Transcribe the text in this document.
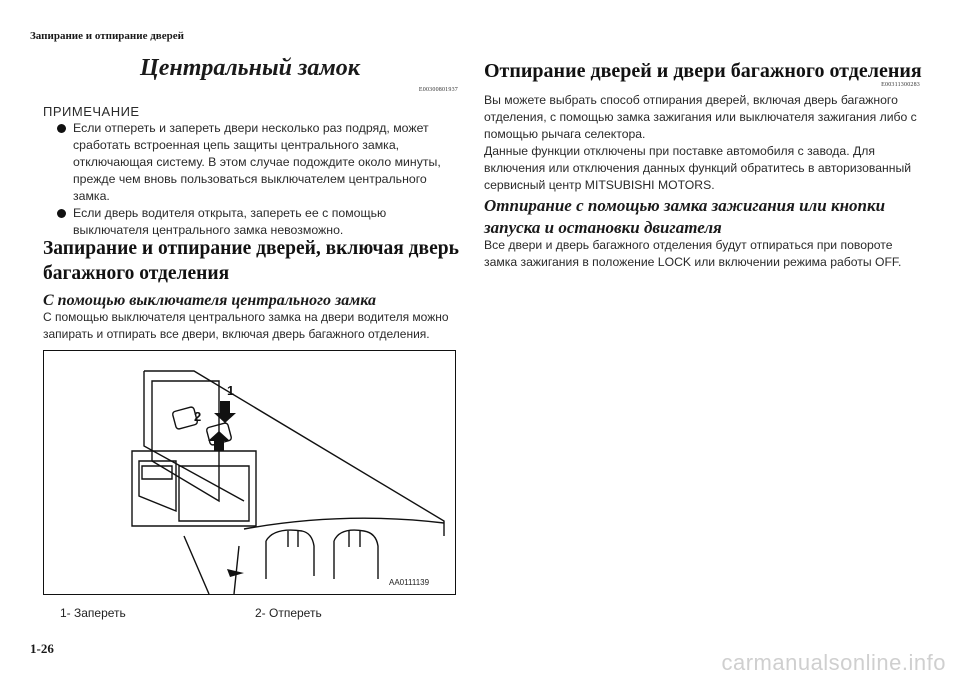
Запирание и отпирание дверей
Центральный замок
E00300801937
ПРИМЕЧАНИЕ
Если отпереть и запереть двери несколько раз подряд, может сработать встроенная цепь защиты центрального замка, отключающая систему. В этом случае подождите около минуты, прежде чем вновь пользоваться выключателем центрального замка.
Если дверь водителя открыта, запереть ее с помощью выключателя центрального замка невозможно.
Запирание и отпирание дверей, включая дверь багажного отделения
С помощью выключателя центрального замка
С помощью выключателя центрального замка на двери водителя можно запирать и отпирать все двери, включая дверь багажного отделения.
1
2
AA0111139
1- Запереть	2- Отпереть
1-26
Отпирание дверей и двери багажного отделения
E00311300283
Вы можете выбрать способ отпирания дверей, включая дверь багажного отделения, с помощью замка зажигания или выключателя зажигания либо с помощью рычага селектора.
Данные функции отключены при поставке автомобиля с завода. Для включения или отключения данных функций обратитесь в авторизованный сервисный центр MITSUBISHI MOTORS.
Отпирание с помощью замка зажигания или кнопки запуска и остановки двигателя
Все двери и дверь багажного отделения будут отпираться при повороте замка зажигания в положение LOCK или включении режима работы OFF.
carmanualsonline.info
